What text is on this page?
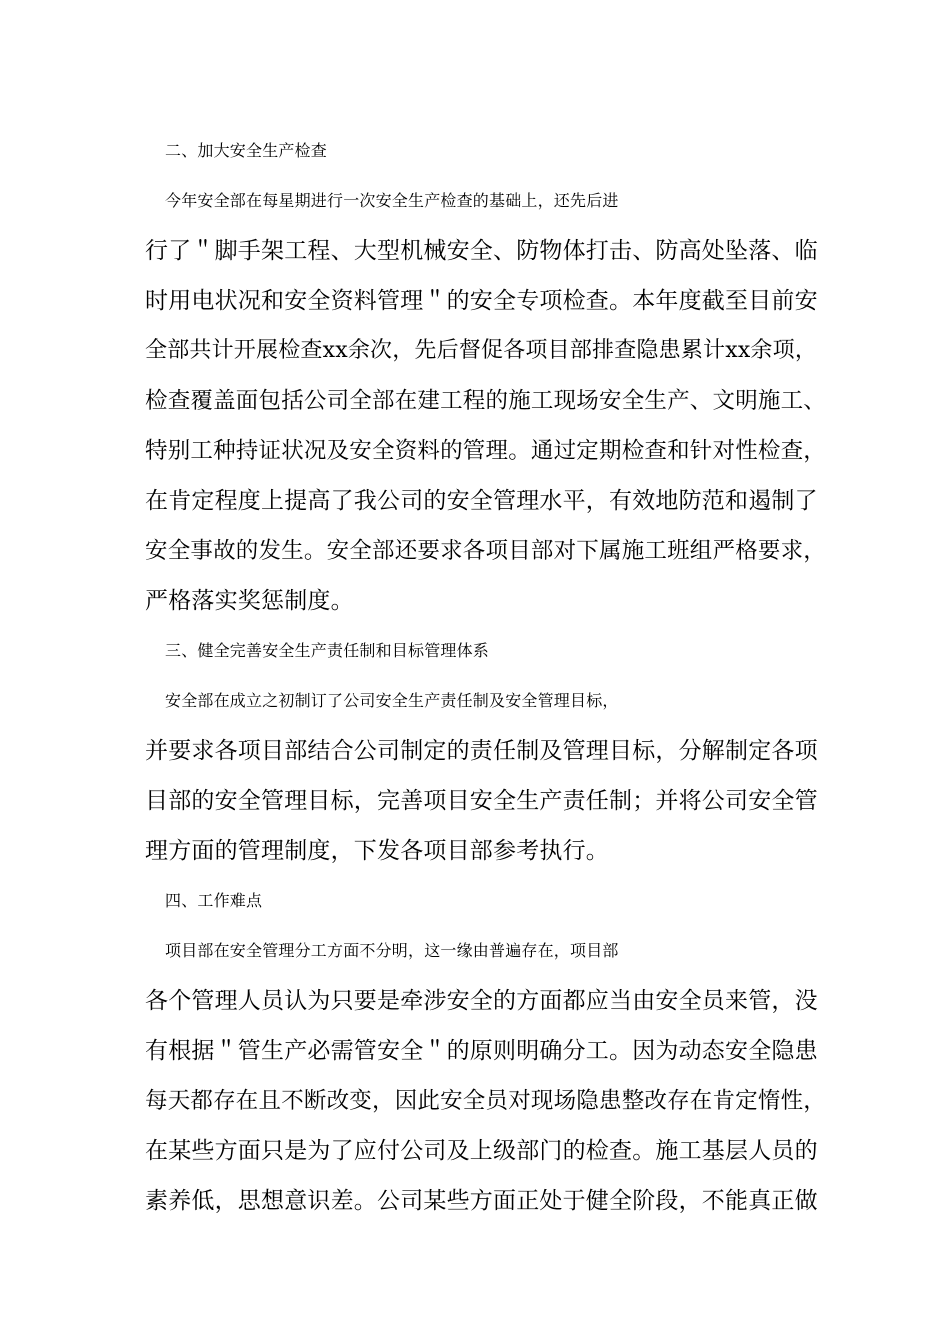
二、加大安全生产检查
今年安全部在每星期进行一次安全生产检查的基础上，还先后进
行了＂脚手架工程、大型机械安全、防物体打击、防高处坠落、临
时用电状况和安全资料管理＂的安全专项检查。本年度截至目前安
全部共计开展检查xx余次，先后督促各项目部排查隐患累计xx余项，
检查覆盖面包括公司全部在建工程的施工现场安全生产、文明施工、
特别工种持证状况及安全资料的管理。通过定期检查和针对性检查，
在肯定程度上提高了我公司的安全管理水平，有效地防范和遏制了
安全事故的发生。安全部还要求各项目部对下属施工班组严格要求，
严格落实奖惩制度。
三、健全完善安全生产责任制和目标管理体系
安全部在成立之初制订了公司安全生产责任制及安全管理目标，
并要求各项目部结合公司制定的责任制及管理目标，分解制定各项
目部的安全管理目标，完善项目安全生产责任制；并将公司安全管
理方面的管理制度，下发各项目部参考执行。
四、工作难点
项目部在安全管理分工方面不分明，这一缘由普遍存在，项目部
各个管理人员认为只要是牵涉安全的方面都应当由安全员来管，没
有根据＂管生产必需管安全＂的原则明确分工。因为动态安全隐患
每天都存在且不断改变，因此安全员对现场隐患整改存在肯定惰性，
在某些方面只是为了应付公司及上级部门的检查。施工基层人员的
素养低，思想意识差。公司某些方面正处于健全阶段，不能真正做
